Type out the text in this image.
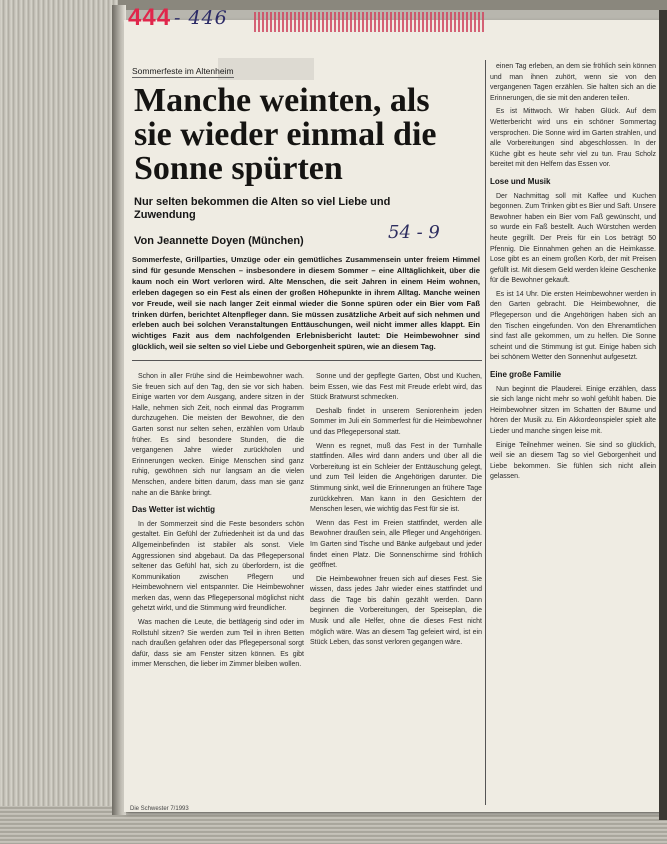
444 - 446
Sommerfeste im Altenheim
Manche weinten, als sie wieder einmal die Sonne spürten
Nur selten bekommen die Alten so viel Liebe und Zuwendung
Von Jeannette Doyen (München)	54 - 9

Sommerfeste, Grillparties, Umzüge oder ein gemütliches Zusammensein unter freiem Himmel sind für gesunde Menschen – insbesondere in diesem Sommer – eine Alltäglichkeit, über die kaum noch ein Wort verloren wird. Alte Menschen, die seit Jahren in einem Heim wohnen, erleben dagegen so ein Fest als einen der großen Höhepunkte in ihrem Alltag. Manche weinen vor Freude, weil sie nach langer Zeit einmal wieder die Sonne spüren oder ein Bier vom Faß trinken dürfen, berichtet Altenpfleger dann. Sie müssen zusätzliche Arbeit auf sich nehmen und erleben auch bei solchen Veranstaltungen Enttäuschungen, weil nicht immer alles klappt. Ein wichtiges Fazit aus dem nachfolgenden Erlebnisbericht lautet: Die Heimbewohner sind glücklich, weil sie selten so viel Liebe und Geborgenheit spüren, wie an diesem Tag.

Schon in aller Frühe sind die Heimbewohner wach. Sie freuen sich auf den Tag, den sie vor sich haben. Einige warten vor dem Ausgang, andere sitzen in der Halle, nehmen sich Zeit, noch einmal das Programm durchzugehen. Die meisten der Bewohner, die den Garten sonst nur selten sehen, erzählen vom Urlaub früher. Es sind besondere Stunden, die die vergangenen Jahre wieder zurückholen und Erinnerungen wecken. Einige Menschen sind ganz ruhig, gewöhnen sich nur langsam an die vielen Menschen, andere bitten darum, dass man sie ganz nahe an die Bänke bringt.

Das Wetter ist wichtig

In der Sommerzeit sind die Feste besonders schön gestaltet. Ein Gefühl der Zufriedenheit ist da und das Allgemeinbefinden ist stabiler als sonst. Viele Aggressionen sind abgebaut. Da das Pflegepersonal seltener das Gefühl hat, sich zu überfordern, ist die Kommunikation zwischen Pflegern und Heimbewohnern viel entspannter. Die Heimbewohner merken das, wenn das Pflegepersonal möglichst nicht gehetzt wirkt, und die Stimmung wird freundlicher.

Was machen die Leute, die bettlägerig sind oder im Rollstuhl sitzen? Sie werden zum Teil in ihren Betten nach draußen gefahren oder das Pflegepersonal sorgt dafür, dass sie am Fenster sitzen können. Es gibt immer Menschen, die lieber im Zimmer bleiben wollen.

Sonne und der gepflegte Garten, Obst und Kuchen, beim Essen, wie das Fest mit Freude erlebt wird, das Stück Bratwurst schmecken.

Deshalb findet in unserem Seniorenheim jeden Sommer im Juli ein Sommerfest für die Heimbewohner und das Pflegepersonal statt.

Wenn es regnet, muß das Fest in der Turnhalle stattfinden. Alles wird dann anders und über all die Vorbereitung ist ein Schleier der Enttäuschung gelegt, und zum Teil leiden die Angehörigen darunter. Die Stimmung sinkt, weil die Erinnerungen an frühere Tage zurückkehren. Man kann in den Gesichtern der Menschen lesen, wie wichtig das Fest für sie ist.

Wenn das Fest im Freien stattfindet, werden alle Bewohner draußen sein, alle Pfleger und Angehörigen. Im Garten sind Tische und Bänke aufgebaut und jeder findet einen Platz. Die Sonnenschirme sind fröhlich geöffnet.

Die Heimbewohner freuen sich auf dieses Fest. Sie wissen, dass jedes Jahr wieder eines stattfindet und dass die Tage bis dahin gezählt werden. Dann beginnen die Vorbereitungen, der Speiseplan, die Musik und alle Helfer, ohne die dieses Fest nicht möglich wäre. Was an diesem Tag gefeiert wird, ist ein Stück Leben, das sonst verloren gegangen wäre.

einen Tag erleben, an dem sie fröhlich sein können und man ihnen zuhört, wenn sie von den vergangenen Tagen erzählen. Sie halten sich an die Erinnerungen, die sie mit den anderen teilen.

Es ist Mittwoch. Wir haben Glück. Auf dem Wetterbericht wird uns ein schöner Sommertag versprochen. Die Sonne wird im Garten strahlen, und alle Vorbereitungen sind abgeschlossen. In der Küche gibt es heute sehr viel zu tun. Frau Scholz bereitet mit den Helfern das Essen vor.

Lose und Musik

Der Nachmittag soll mit Kaffee und Kuchen begonnen. Zum Trinken gibt es Bier und Saft. Unsere Bewohner haben ein Bier vom Faß gewünscht, und so wurde ein Faß bestellt. Auch Würstchen werden heute gegrillt. Der Preis für ein Los beträgt 50 Pfennig. Die Einnahmen gehen an die Heimkasse. Lose gibt es an einem großen Korb, der mit Preisen gefüllt ist. Mit diesem Geld werden kleine Geschenke für die Bewohner gekauft.

Es ist 14 Uhr. Die ersten Heimbewohner werden in den Garten gebracht. Die Heimbewohner, die Pflegeperson und die Angehörigen haben sich an den Tischen eingefunden. Von den Ehrenamtlichen sind fast alle gekommen, um zu helfen. Die Sonne scheint und die Stimmung ist gut. Einige haben sich bei schönem Wetter den Sonnenhut aufgesetzt.

Eine große Familie

Nun beginnt die Plauderei. Einige erzählen, dass sie sich lange nicht mehr so wohl gefühlt haben. Die Heimbewohner sitzen im Schatten der Bäume und hören der Musik zu. Ein Akkordeonspieler spielt alte Lieder und manche singen leise mit.

Einige Teilnehmer weinen. Sie sind so glücklich, weil sie an diesem Tag so viel Geborgenheit und Liebe bekommen. Sie fühlen sich nicht allein gelassen.

Die Schwester 7/1993
